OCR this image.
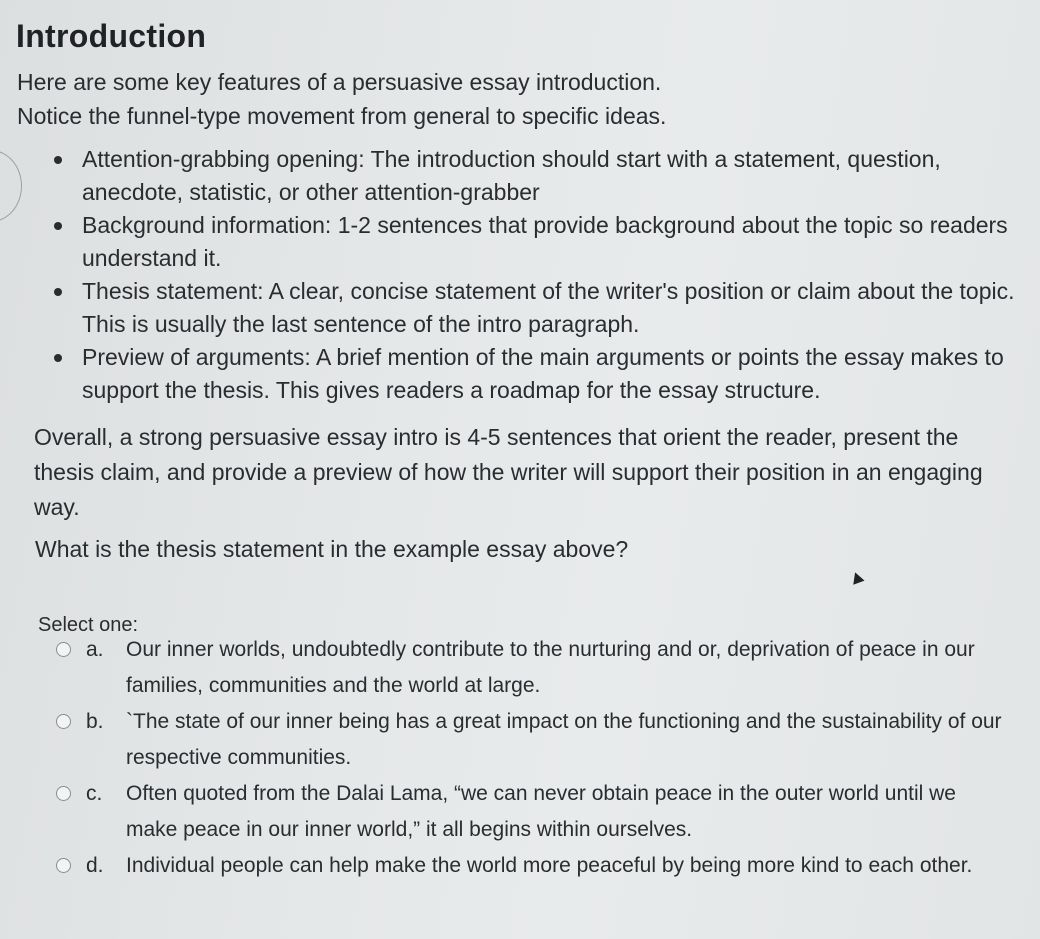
Introduction

Here are some key features of a persuasive essay introduction.

Notice the funnel-type movement from general to specific ideas.

Attention-grabbing opening: The introduction should start with a statement, question, anecdote, statistic, or other attention-grabber
Background information: 1-2 sentences that provide background about the topic so readers understand it.
Thesis statement: A clear, concise statement of the writer's position or claim about the topic. This is usually the last sentence of the intro paragraph.
Preview of arguments: A brief mention of the main arguments or points the essay makes to support the thesis. This gives readers a roadmap for the essay structure.

Overall, a strong persuasive essay intro is 4-5 sentences that orient the reader, present the thesis claim, and provide a preview of how the writer will support their position in an engaging way.

What is the thesis statement in the example essay above?

Select one:

a. Our inner worlds, undoubtedly contribute to the nurturing and or, deprivation of peace in our families, communities and the world at large.
b. `The state of our inner being has a great impact on the functioning and the sustainability of our respective communities.
c. Often quoted from the Dalai Lama, “we can never obtain peace in the outer world until we make peace in our inner world,” it all begins within ourselves.
d. Individual people can help make the world more peaceful by being more kind to each other.
